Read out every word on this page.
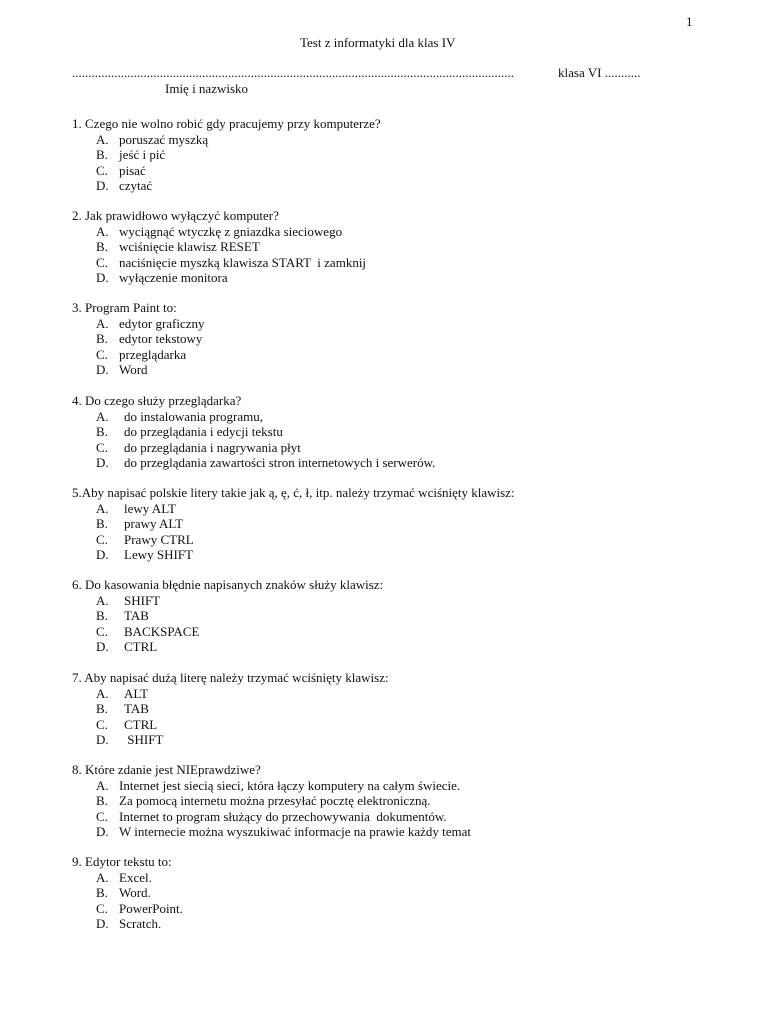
1
Test z informatyki dla klas IV
........................................................................................................................................	klasa VI ...........
Imię i nazwisko
1. Czego nie wolno robić gdy pracujemy przy komputerze?
A. poruszać myszką
B. jeść i pić
C. pisać
D. czytać
2. Jak prawidłowo wyłączyć komputer?
A. wyciągnąć wtyczkę z gniazdka sieciowego
B. wciśnięcie klawisz RESET
C. naciśnięcie myszką klawisza START  i zamknij
D. wyłączenie monitora
3. Program Paint to:
A. edytor graficzny
B. edytor tekstowy
C. przeglądarka
D. Word
4. Do czego służy przeglądarka?
A. do instalowania programu,
B. do przeglądania i edycji tekstu
C. do przeglądania i nagrywania płyt
D. do przeglądania zawartości stron internetowych i serwerów.
5.Aby napisać polskie litery takie jak ą, ę, ć, ł, itp. należy trzymać wciśnięty klawisz:
A. lewy ALT
B. prawy ALT
C. Prawy CTRL
D. Lewy SHIFT
6. Do kasowania błędnie napisanych znaków służy klawisz:
A. SHIFT
B. TAB
C. BACKSPACE
D. CTRL
7. Aby napisać dużą literę należy trzymać wciśnięty klawisz:
A. ALT
B. TAB
C. CTRL
D. SHIFT
8. Które zdanie jest NIEprawdziwe?
A. Internet jest siecią sieci, która łączy komputery na całym świecie.
B. Za pomocą internetu można przesyłać pocztę elektroniczną.
C. Internet to program służący do przechowywania  dokumentów.
D. W internecie można wyszukiwać informacje na prawie każdy temat
9. Edytor tekstu to:
A. Excel.
B. Word.
C. PowerPoint.
D. Scratch.
